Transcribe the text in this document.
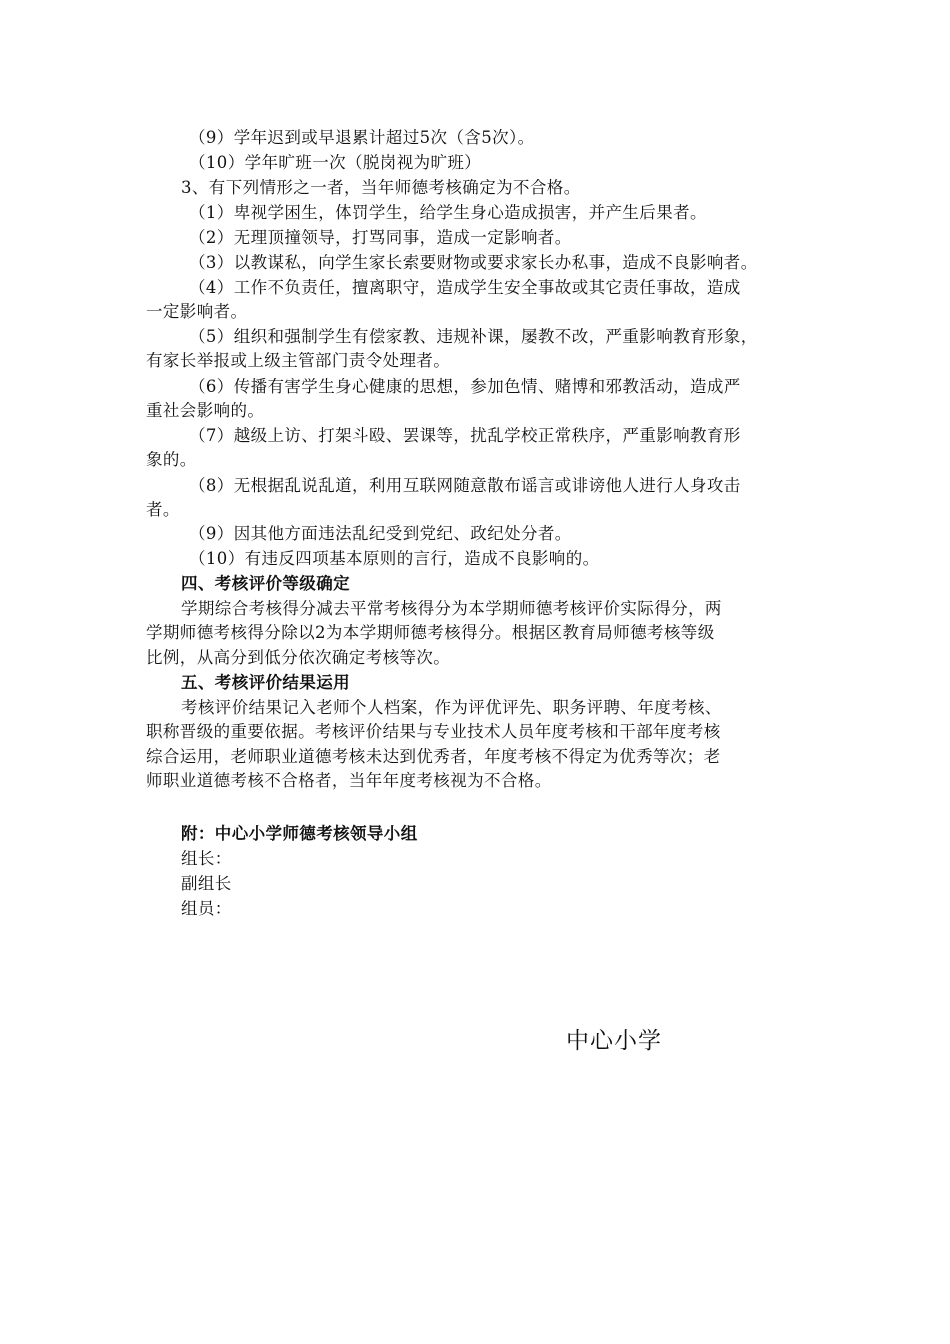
（9）学年迟到或早退累计超过5次（含5次）。
（10）学年旷班一次（脱岗视为旷班）
3、有下列情形之一者，当年师德考核确定为不合格。
（1）卑视学困生，体罚学生，给学生身心造成损害，并产生后果者。
（2）无理顶撞领导，打骂同事，造成一定影响者。
（3）以教谋私，向学生家长索要财物或要求家长办私事，造成不良影响者。
（4）工作不负责任，擅离职守，造成学生安全事故或其它责任事故，造成
一定影响者。
（5）组织和强制学生有偿家教、违规补课，屡教不改，严重影响教育形象，
有家长举报或上级主管部门责令处理者。
（6）传播有害学生身心健康的思想，参加色情、赌博和邪教活动，造成严
重社会影响的。
（7）越级上访、打架斗殴、罢课等，扰乱学校正常秩序，严重影响教育形
象的。
（8）无根据乱说乱道，利用互联网随意散布谣言或诽谤他人进行人身攻击
者。
（9）因其他方面违法乱纪受到党纪、政纪处分者。
（10）有违反四项基本原则的言行，造成不良影响的。
四、考核评价等级确定
学期综合考核得分减去平常考核得分为本学期师德考核评价实际得分，两
学期师德考核得分除以2为本学期师德考核得分。根据区教育局师德考核等级
比例，从高分到低分依次确定考核等次。
五、考核评价结果运用
考核评价结果记入老师个人档案，作为评优评先、职务评聘、年度考核、
职称晋级的重要依据。考核评价结果与专业技术人员年度考核和干部年度考核
综合运用，老师职业道德考核未达到优秀者，年度考核不得定为优秀等次；老
师职业道德考核不合格者，当年年度考核视为不合格。
附：中心小学师德考核领导小组
组长：
副组长
组员：
中心小学
